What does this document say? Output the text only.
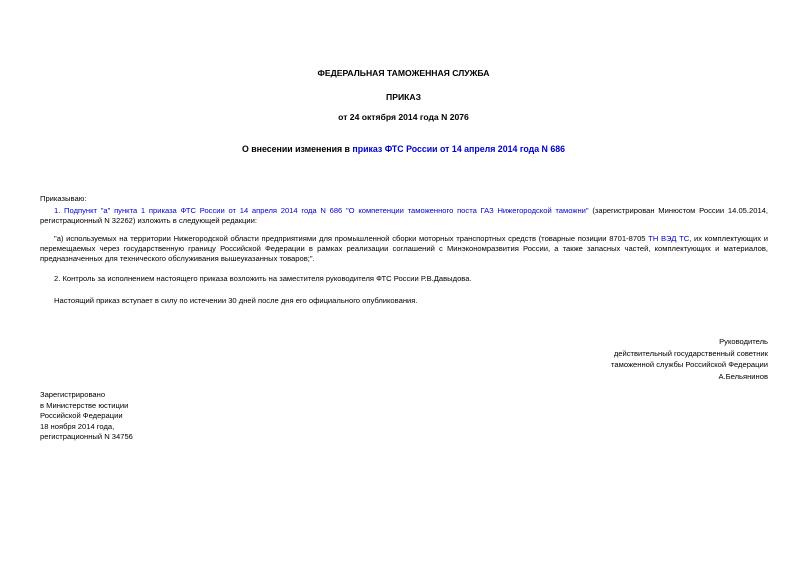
ФЕДЕРАЛЬНАЯ ТАМОЖЕННАЯ СЛУЖБА
ПРИКАЗ
от 24 октября 2014 года N 2076
О внесении изменения в приказ ФТС России от 14 апреля 2014 года N 686
Приказываю:
1. Подпункт "а" пункта 1 приказа ФТС России от 14 апреля 2014 года N 686 "О компетенции таможенного поста ГАЗ Нижегородской таможни" (зарегистрирован Минюстом России 14.05.2014, регистрационный N 32262) изложить в следующей редакции:
"а) используемых на территории Нижегородской области предприятиями для промышленной сборки моторных транспортных средств (товарные позиции 8701-8705 ТН ВЭД ТС, их комплектующих и перемещаемых через государственную границу Российской Федерации в рамках реализации соглашений с Минэкономразвития России, а также запасных частей, комплектующих и материалов, предназначенных для технического обслуживания вышеуказанных товаров;".
2. Контроль за исполнением настоящего приказа возложить на заместителя руководителя ФТС России Р.В.Давыдова.
Настоящий приказ вступает в силу по истечении 30 дней после дня его официального опубликования.
Руководитель
действительный государственный советник
таможенной службы Российской Федерации
А.Бельянинов
Зарегистрировано
в Министерстве юстиции
Российской Федерации
18 ноября 2014 года,
регистрационный N 34756
